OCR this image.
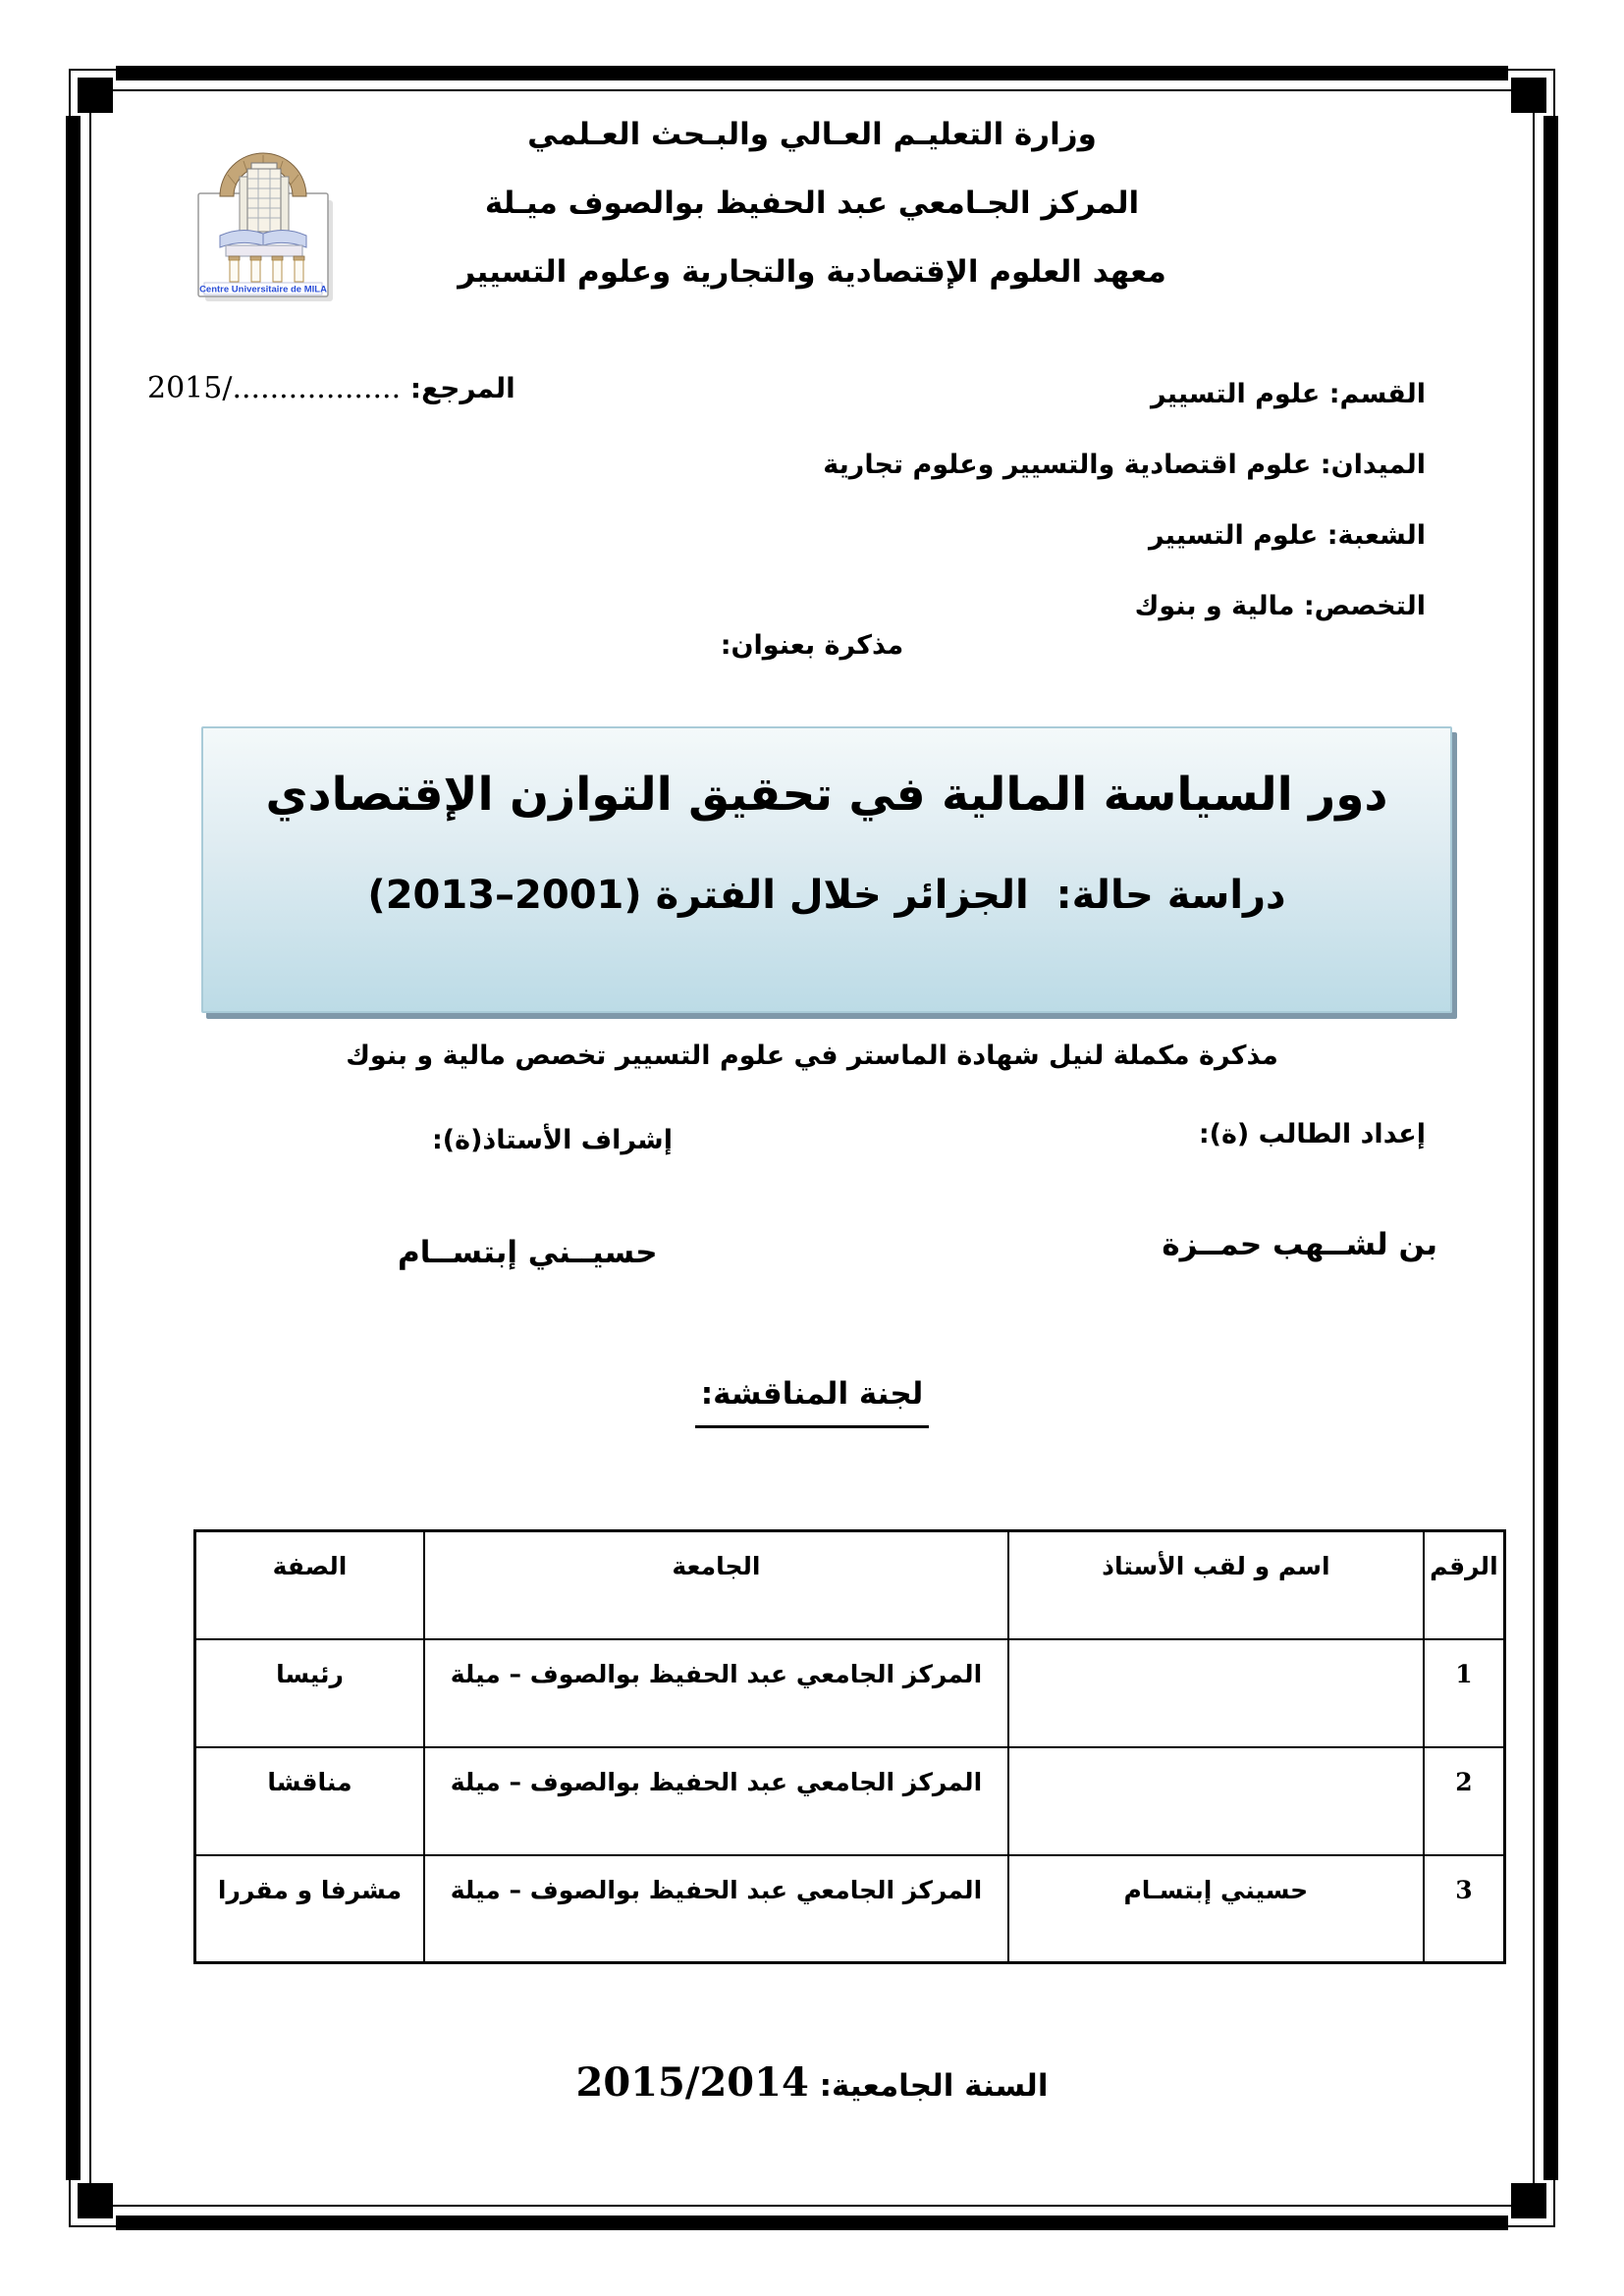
Centre Universitaire de MILA
وزارة التعليـم العـالي والبـحث العـلمي
المركز الجـامعي عبد الحفيظ بوالصوف ميـلة
معهد العلوم الإقتصادية والتجارية وعلوم التسيير
المرجع: ................../2015	القسم: علوم التسيير
الميدان: علوم اقتصادية والتسيير وعلوم تجارية
الشعبة: علوم التسيير
التخصص: مالية و بنوك
مذكرة بعنوان:
دور السياسة المالية في تحقيق التوازن الإقتصادي
دراسة حالة: الجزائر خلال الفترة (2001–2013)
مذكرة مكملة لنيل شهادة الماستر في علوم التسيير تخصص مالية و بنوك
إعداد الطالب (ة):
إشراف الأستاذ(ة):
بن لشــهب حمــزة
حسيــني إبتســام
لجنة المناقشة:
الرقم	اسم و لقب الأستاذ	الجامعة	الصفة
1		المركز الجامعي عبد الحفيظ بوالصوف – ميلة	رئيسا
2		المركز الجامعي عبد الحفيظ بوالصوف – ميلة	مناقشا
3	حسيني إبتسـام	المركز الجامعي عبد الحفيظ بوالصوف – ميلة	مشرفا و مقررا
السنة الجامعية: 2015/2014
